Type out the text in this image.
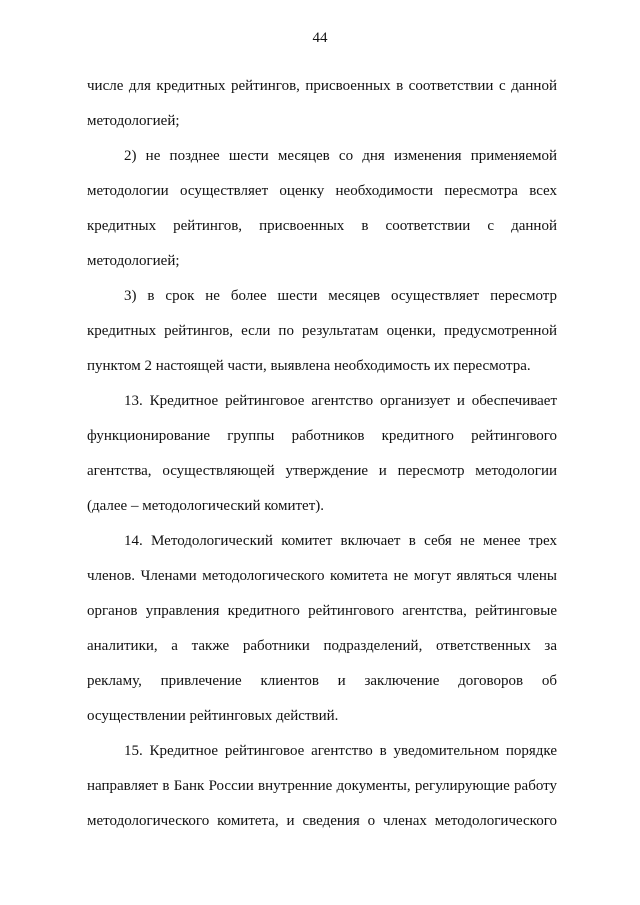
44
числе для кредитных рейтингов, присвоенных в соответствии с данной
методологией;
2) не позднее шести месяцев со дня изменения применяемой
методологии осуществляет оценку необходимости пересмотра всех
кредитных рейтингов, присвоенных в соответствии с данной
методологией;
3) в срок не более шести месяцев осуществляет пересмотр
кредитных рейтингов, если по результатам оценки, предусмотренной
пунктом 2 настоящей части, выявлена необходимость их пересмотра.
13. Кредитное рейтинговое агентство организует и обеспечивает
функционирование группы работников кредитного рейтингового
агентства, осуществляющей утверждение и пересмотр методологии
(далее – методологический комитет).
14. Методологический комитет включает в себя не менее трех
членов. Членами методологического комитета не могут являться члены
органов управления кредитного рейтингового агентства, рейтинговые
аналитики, а также работники подразделений, ответственных за
рекламу, привлечение клиентов и заключение договоров об
осуществлении рейтинговых действий.
15. Кредитное рейтинговое агентство в уведомительном порядке
направляет в Банк России внутренние документы, регулирующие работу
методологического комитета, и сведения о членах методологического
